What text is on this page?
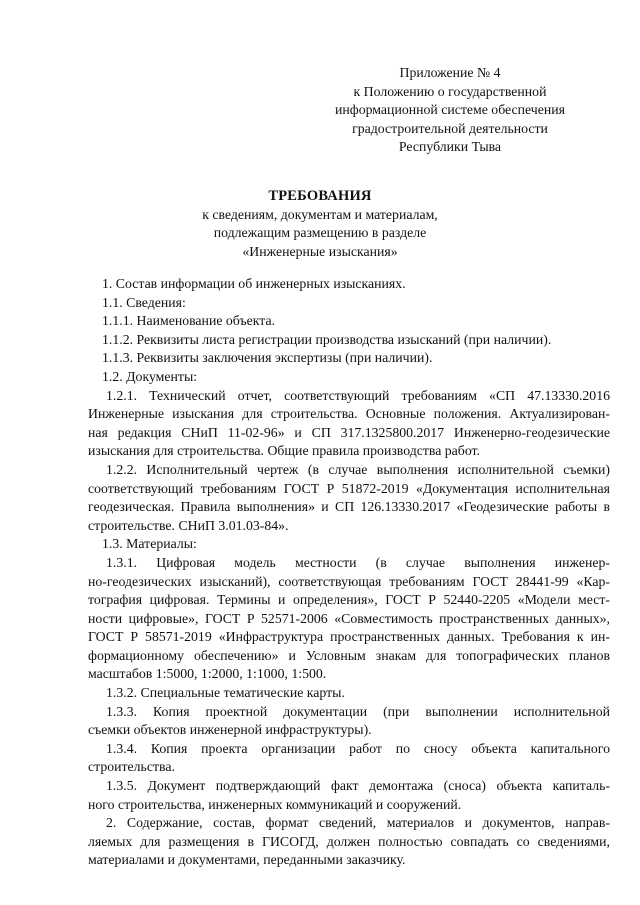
Приложение № 4
к Положению о государственной
информационной системе обеспечения
градостроительной деятельности
Республики Тыва
ТРЕБОВАНИЯ
к сведениям, документам и материалам,
подлежащим размещению в разделе
«Инженерные изыскания»
1. Состав информации об инженерных изысканиях.
1.1. Сведения:
1.1.1. Наименование объекта.
1.1.2. Реквизиты листа регистрации производства изысканий (при наличии).
1.1.3. Реквизиты заключения экспертизы (при наличии).
1.2. Документы:
1.2.1. Технический отчет, соответствующий требованиям «СП 47.13330.2016
Инженерные изыскания для строительства. Основные положения. Актуализирован-
ная редакция СНиП 11-02-96» и СП 317.1325800.2017 Инженерно-геодезические
изыскания для строительства. Общие правила производства работ.
1.2.2. Исполнительный чертеж (в случае выполнения исполнительной съемки)
соответствующий требованиям ГОСТ Р 51872-2019 «Документация исполнительная
геодезическая. Правила выполнения» и СП 126.13330.2017 «Геодезические работы в
строительстве. СНиП 3.01.03-84».
1.3. Материалы:
1.3.1. Цифровая модель местности (в случае выполнения инженер-
но-геодезических изысканий), соответствующая требованиям ГОСТ 28441-99 «Кар-
тография цифровая. Термины и определения», ГОСТ Р 52440-2205 «Модели мест-
ности цифровые», ГОСТ Р 52571-2006 «Совместимость пространственных данных»,
ГОСТ Р 58571-2019 «Инфраструктура пространственных данных. Требования к ин-
формационному обеспечению» и Условным знакам для топографических планов
масштабов 1:5000, 1:2000, 1:1000, 1:500.
1.3.2. Специальные тематические карты.
1.3.3. Копия проектной документации (при выполнении исполнительной
съемки объектов инженерной инфраструктуры).
1.3.4. Копия проекта организации работ по сносу объекта капитального
строительства.
1.3.5. Документ подтверждающий факт демонтажа (сноса) объекта капиталь-
ного строительства, инженерных коммуникаций и сооружений.
2. Содержание, состав, формат сведений, материалов и документов, направ-
ляемых для размещения в ГИСОГД, должен полностью совпадать со сведениями,
материалами и документами, переданными заказчику.
